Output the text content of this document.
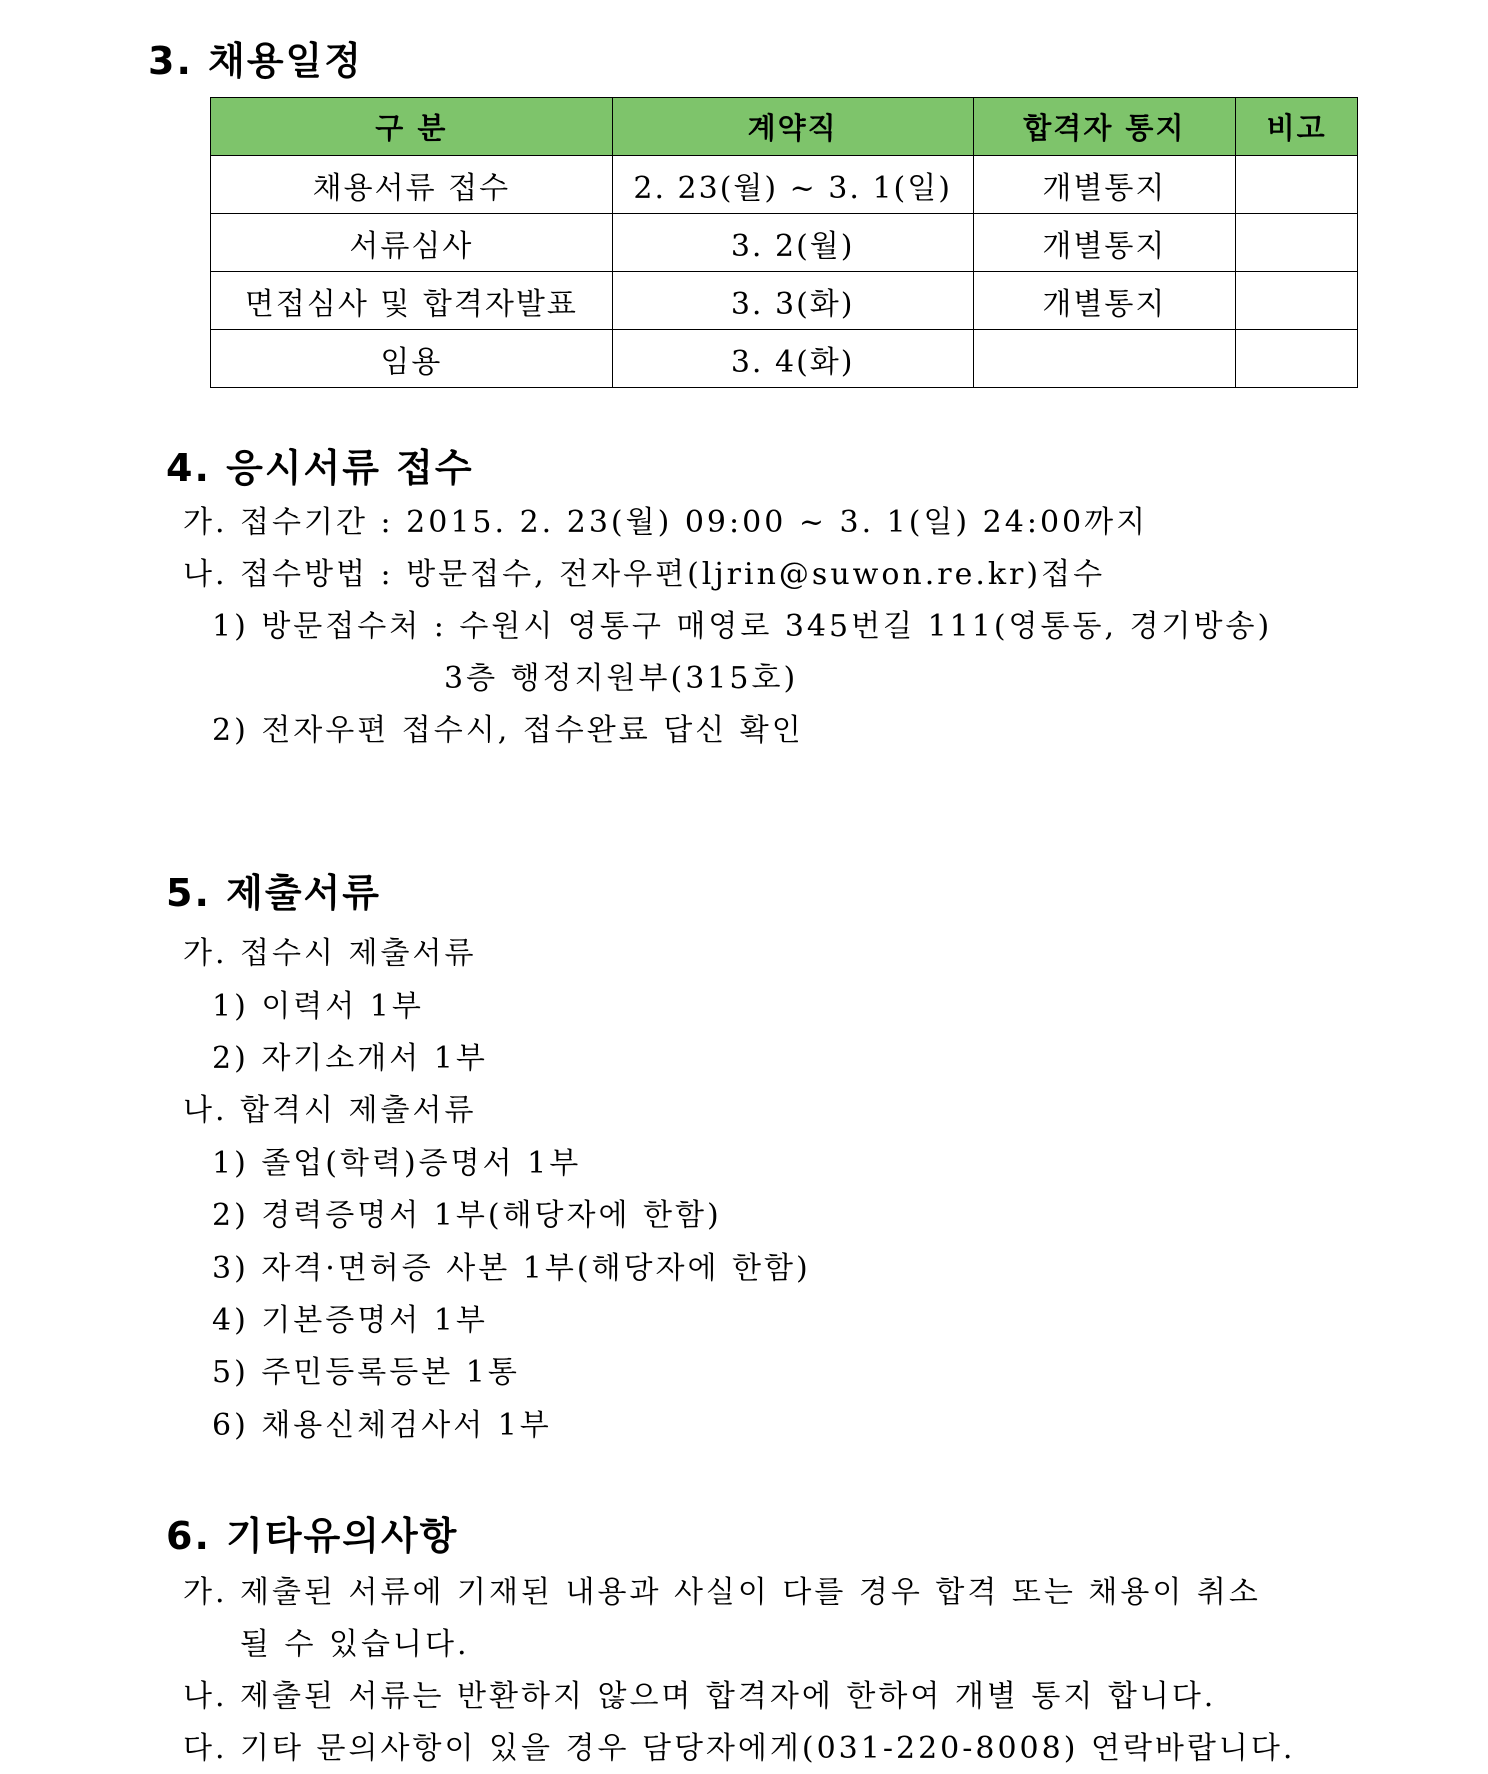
3. 채용일정
구 분	계약직	합격자 통지	비고
채용서류 접수	2. 23(월) ~ 3. 1(일)	개별통지	
서류심사	3. 2(월)	개별통지	
면접심사 및 합격자발표	3. 3(화)	개별통지	
임용	3. 4(화)		
4. 응시서류 접수

가. 접수기간 : 2015. 2. 23(월) 09:00 ~ 3. 1(일) 24:00까지

나. 접수방법 : 방문접수, 전자우편(ljrin@suwon.re.kr)접수

1) 방문접수처 : 수원시 영통구 매영로 345번길 111(영통동, 경기방송)

3층 행정지원부(315호)

2) 전자우편 접수시, 접수완료 답신 확인

5. 제출서류

가. 접수시 제출서류

1) 이력서 1부

2) 자기소개서 1부

나. 합격시 제출서류

1) 졸업(학력)증명서 1부

2) 경력증명서 1부(해당자에 한함)

3) 자격·면허증 사본 1부(해당자에 한함)

4) 기본증명서 1부

5) 주민등록등본 1통

6) 채용신체검사서 1부

6. 기타유의사항

가. 제출된 서류에 기재된 내용과 사실이 다를 경우 합격 또는 채용이 취소

될 수 있습니다.

나. 제출된 서류는 반환하지 않으며 합격자에 한하여 개별 통지 합니다.

다. 기타 문의사항이 있을 경우 담당자에게(031-220-8008) 연락바랍니다.
